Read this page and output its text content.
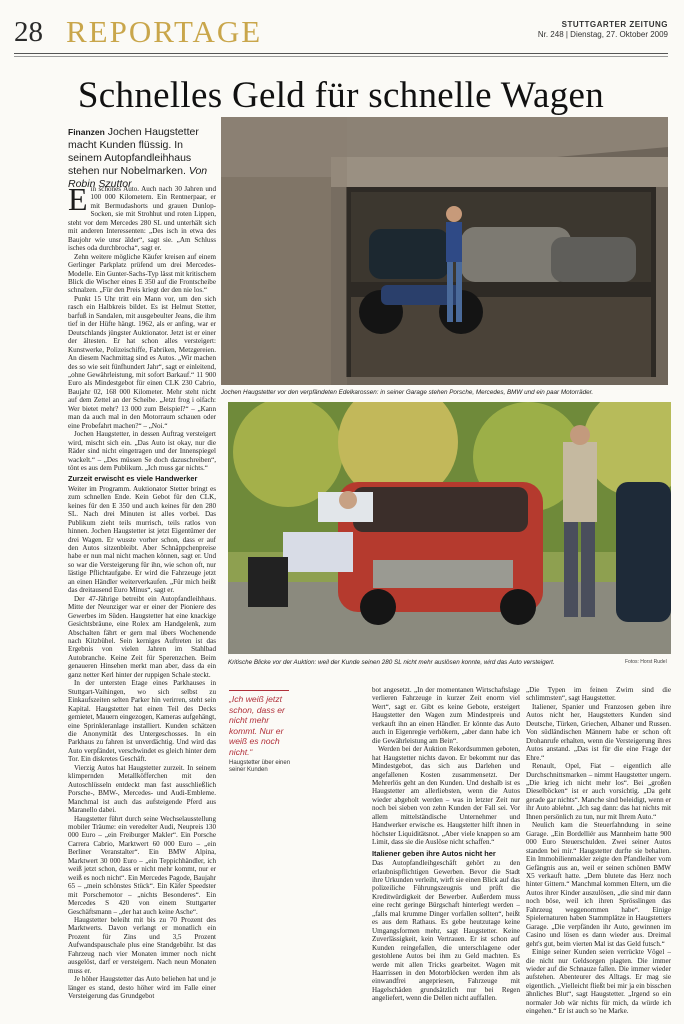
28 REPORTAGE	STUTTGARTER ZEITUNG
Nr. 248 | Dienstag, 27. Oktober 2009
Schnelles Geld für schnelle Wagen
Finanzen Jochen Haugstetter macht Kunden flüssig. In seinem Autopfandleihhaus stehen nur Nobelmarken. Von Robin Szuttor

Ein schönes Auto. Auch nach 30 Jahren und 100 000 Kilometern. Ein Rentnerpaar, er mit Bermudashorts und grauen Dunlop-Socken, sie mit Strohhut und roten Lippen, steht vor dem Mercedes 280 SL und unterhält sich mit anderen Interessenten: „Des isch in etwa des Baujohr wie unsr älder“, sagt sie. „Am Schluss isches oda durchbrocha“, sagt er.

Zehn weitere mögliche Käufer kreisen auf einem Gerlinger Parkplatz prüfend um drei Mercedes-Modelle. Ein Gunter-Sachs-Typ lässt mit kritischem Blick die Wischer eines E 350 auf die Frontscheibe schnalzen. „Für den Preis kriegt der den nie los.“

Punkt 15 Uhr tritt ein Mann vor, um den sich rasch ein Halbkreis bildet. Es ist Helmut Stetter, barfuß in Sandalen, mit ausgebeulter Jeans, die ihm tief in der Hüfte hängt. 1962, als er anfing, war er Deutschlands jüngster Auktionator. Jetzt ist er einer der ältesten. Er hat schon alles versteigert: Kunstwerke, Polizeischiffe, Fabriken, Metzgereien. An diesem Nachmittag sind es Autos. „Wir machen des so wie seit fünfhundert Jahr“, sagt er einleitend, „ohne Gewährleistung, mit sofort Barkauf.“ 11 900 Euro als Mindestgebot für einen CLK 230 Cabrio, Baujahr 02, 168 000 Kilometer. Mehr steht nicht auf dem Zettel an der Scheibe. „Jetzt frog i oifach: Wer bietet mehr? 13 000 zum Beispiel?“ – „Kann man da auch mal in den Motorraum schauen oder eine Probefahrt machen?“ – „Noi.“

Jochen Haugstetter, in dessen Auftrag versteigert wird, mischt sich ein. „Das Auto ist okay, nur die Räder sind nicht eingetragen und der Innenspiegel wackelt.“ – „Des müssen Se doch dazuschreiben“, tönt es aus dem Publikum. „Ich muss gar nichts.“

Zurzeit erwischt es viele Handwerker

Weiter im Programm. Auktionator Stetter bringt es zum schnellen Ende. Kein Gebot für den CLK, keines für den E 350 und auch keines für den 280 SL. Nach drei Minuten ist alles vorbei. Das Publikum zieht teils murrisch, teils ratlos von hinnen. Jochen Haugstetter ist jetzt Eigentümer der drei Wagen. Er wusste vorher schon, dass er auf den Autos sitzenbleibt. Aber Schnäppchenpreise habe er nun mal nicht machen können, sagt er. Und so war die Versteigerung für ihn, wie schon oft, nur lästige Pflichtaufgabe. Er wird die Fahrzeuge jetzt an einen Händler weiterverkaufen. „Für mich heißt das dreitausend Euro Minus“, sagt er.

Der 47-Jährige betreibt ein Autopfandleihhaus. Mitte der Neunziger war er einer der Pioniere des Gewerbes im Süden. Haugstetter hat eine knackige Gesichtsbräune, eine Rolex am Handgelenk, zum Abschalten fährt er gern mal übers Wochenende nach Kitzbühel. Sein kerniges Auftreten ist das Ergebnis von vielen Jahren im Stahlbad Autobranche. Keine Zeit für Sperenzchen. Beim genaueren Hinsehen merkt man aber, dass da ein ganz netter Kerl hinter der ruppigen Schale steckt.

In der untersten Etage eines Parkhauses in Stuttgart-Vaihingen, wo sich selbst zu Einkaufszeiten selten Parker hin verirren, steht sein Kapital. Haugstetter hat einen Teil des Decks gemietet, Mauern eingezogen, Kameras aufgehängt, eine Sprinkleranlage installiert. Kunden schätzen die Anonymität des Untergeschosses. In ein Parkhaus zu fahren ist unverdächtig. Und wird das Auto verpfändet, verschwindet es gleich hinter dem Tor. Ein diskretes Geschäft.

Vierzig Autos hat Haugstetter zurzeit. In seinem klimpernden Metallköfferchen mit den Autoschlüsseln entdeckt man fast ausschließlich Porsche-, BMW-, Mercedes- und Audi-Embleme. Manchmal ist auch das aufsteigende Pferd aus Maranello dabei.

Haugstetter führt durch seine Wechselausstellung mobiler Träume: ein veredelter Audi, Neupreis 130 000 Euro – „ein Freiburger Makler“. Ein Porsche Carrera Cabrio, Marktwert 60 000 Euro – „ein Berliner Veranstalter“. Ein BMW Alpina, Marktwert 30 000 Euro – „ein Teppichhändler, ich weiß jetzt schon, dass er nicht mehr kommt, nur er weiß es noch nicht“. Ein Mercedes Pagode, Baujahr 65 – „mein schönstes Stück“. Ein Käfer Speedster mit Porschemotor – „nichts Besonderes“. Ein Mercedes S 420 von einem Stuttgarter Geschäftsmann – „der hat auch keine Asche“.

Haugstetter beleiht mit bis zu 70 Prozent des Marktwerts. Davon verlangt er monatlich ein Prozent für Zins und 3,5 Prozent Aufwandspauschale plus eine Standgebühr. Ist das Fahrzeug nach vier Monaten immer noch nicht ausgelöst, darf er versteigern. Nach neun Monaten muss er.

Je höher Haugstetter das Auto beliehen hat und je länger es stand, desto höher wird im Falle einer Versteigerung das Grundgebot

Jochen Haugstetter vor den verpfändeten Edelkarossen: in seiner Garage stehen Porsche, Mercedes, BMW und ein paar Motorräder.
Kritische Blicke vor der Auktion: weil der Kunde seinen 280 SL nicht mehr auslösen konnte, wird das Auto versteigert.	Fotos: Horst Rudel
„Ich weiß jetzt schon, dass er nicht mehr kommt. Nur er weiß es noch nicht.“
Haugstetter über einen seiner Kunden

bot angesetzt. „In der momentanen Wirtschaftslage verlieren Fahrzeuge in kurzer Zeit enorm viel Wert“, sagt er. Gibt es keine Gebote, ersteigert Haugstetter den Wagen zum Mindestpreis und verkauft ihn an einen Händler. Er könnte das Auto auch in Eigenregie verhökern, „aber dann habe ich die Gewährleistung am Bein“.

Werden bei der Auktion Rekordsummen geboten, hat Haugstetter nichts davon. Er bekommt nur das Mindestgebot, das sich aus Darlehen und angefallenen Kosten zusammensetzt. Der Mehrerlös geht an den Kunden. Und deshalb ist es Haugstetter am allerliebsten, wenn die Autos wieder abgeholt werden – was in letzter Zeit nur noch bei sieben von zehn Kunden der Fall sei. Vor allem mittelständische Unternehmer und Handwerker erwische es. Haugstetter hilft ihnen in höchster Liquiditätsnot. „Aber viele knappen so am Limit, dass sie die Auslöse nicht schaffen.“

Italiener geben ihre Autos nicht her

Das Autopfandleihgeschäft gehört zu den erlaubnispflichtigen Gewerben. Bevor die Stadt ihre Urkunden verleiht, wirft sie einen Blick auf das polizeiliche Führungszeugnis und prüft die Kreditwürdigkeit der Bewerber. Außerdem muss eine recht geringe Bürgschaft hinterlegt werden – „falls mal krumme Dinger vorfallen sollten“, heißt es aus dem Rathaus. Es gebe heutzutage keine Umgangsformen mehr, sagt Haugstetter. Keine Zuverlässigkeit, kein Vertrauen. Er ist schon auf Kunden reingefallen, die unterschlagene oder gestohlene Autos bei ihm zu Geld machten. Es werde mit allen Tricks gearbeitet. Wagen mit Haarrissen in den Motorblöcken werden ihm als einwandfrei angepriesen, Fahrzeuge mit Hagelschäden grundsätzlich nur bei Regen angeliefert, wenn die Dellen nicht auffallen.

„Die Typen im feinen Zwirn sind die schlimmsten“, sagt Haugstetter.

Italiener, Spanier und Franzosen geben ihre Autos nicht her, Haugstetters Kunden sind Deutsche, Türken, Griechen, Albaner und Russen. Von südländischen Männern habe er schon oft Drohanrufe erhalten, wenn die Versteigerung ihres Autos anstand. „Das ist für die eine Frage der Ehre.“

Renault, Opel, Fiat – eigentlich alle Durchschnittsmarken – nimmt Haugstetter ungern. „Die krieg ich nicht mehr los“. Bei „großen Dieselböcken“ ist er auch vorsichtig. „Da geht gerade gar nichts“. Manche sind beleidigt, wenn er ihr Auto ablehnt. „Ich sag dann: das hat nichts mit Ihnen persönlich zu tun, nur mit Ihrem Auto.“

Neulich kam die Steuerfahndung in seine Garage. „Ein Bordelliér aus Mannheim hatte 900 000 Euro Steuerschulden. Zwei seiner Autos standen bei mir.“ Haugstetter durfte sie behalten. Ein Immobilienmakler zeigte den Pfandleiher vom Gefängnis aus an, weil er seinen schönen BMW X5 verkauft hatte. „Dem blutete das Herz noch hinter Gittern.“ Manchmal kommen Eltern, um die Autos ihrer Kinder auszulösen, „die sind mir dann noch böse, weil ich ihren Sprösslingen das Fahrzeug weggenommen habe“. Einige Spielernaturen haben Stammplätze in Haugstetters Garage. „Die verpfänden ihr Auto, gewinnen im Casino und lösen es dann wieder aus. Dreimal geht's gut, beim vierten Mal ist das Geld futsch.“

Einige seiner Kunden seien verrückte Vögel – die nicht nur Geldsorgen plagten. Die immer wieder auf die Schnauze fallen. Die immer wieder aufstehen. Abenteurer des Alltags. Er mag sie eigentlich. „Vielleicht fließt bei mir ja ein bisschen ähnliches Blut“, sagt Haugstetter. „Irgend so ein normaler Job wär nichts für mich, da würde ich eingehen.“ Er ist auch so 'ne Marke.
